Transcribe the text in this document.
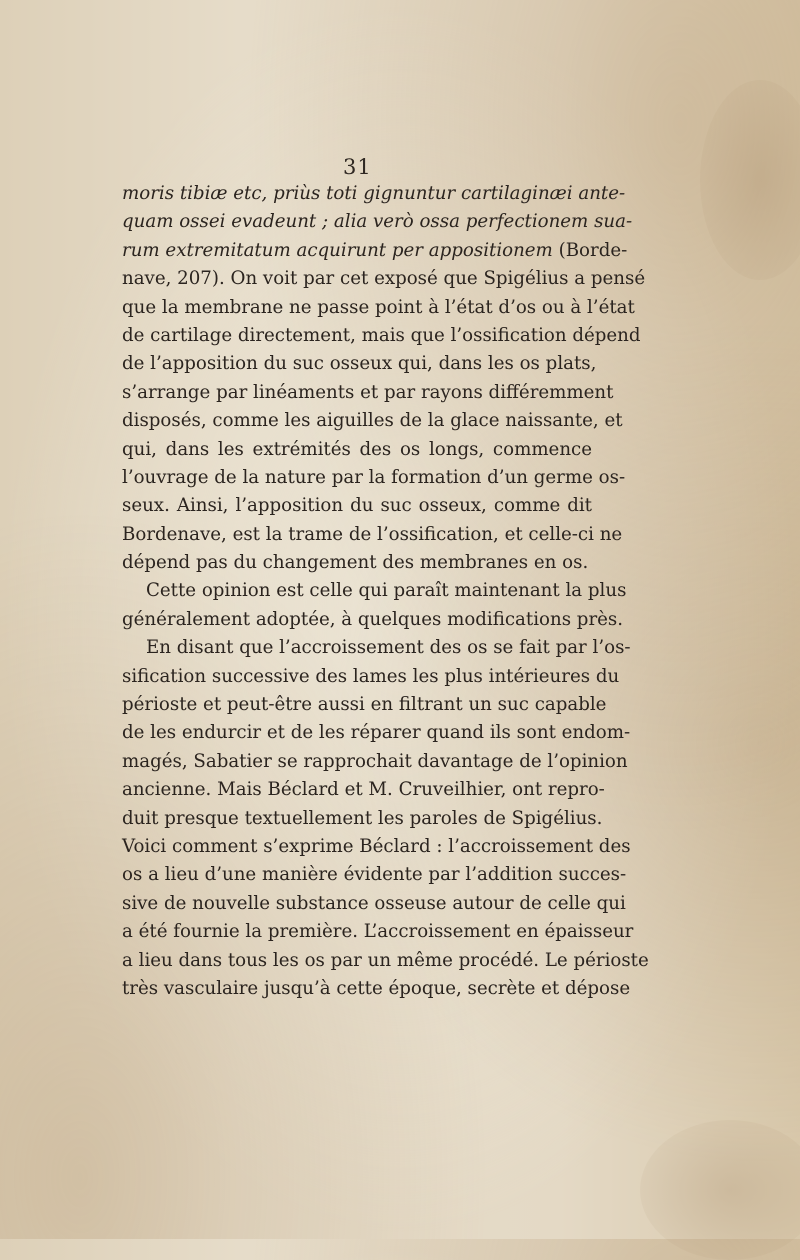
31
moris tibiæ etc, priùs toti gignuntur cartilaginæi ante-
quam ossei evadeunt ; alia verò ossa perfectionem sua-
rum extremitatum acquirunt per appositionem (Borde-
nave, 207). On voit par cet exposé que Spigélius a pensé
que la membrane ne passe point à l’état d’os ou à l’état
de cartilage directement, mais que l’ossification dépend
de l’apposition du suc osseux qui, dans les os plats,
s’arrange par linéaments et par rayons différemment
disposés, comme les aiguilles de la glace naissante, et
qui, dans les extrémités des os longs, commence
l’ouvrage de la nature par la formation d’un germe os-
seux. Ainsi, l’apposition du suc osseux, comme dit
Bordenave, est la trame de l’ossification, et celle-ci ne
dépend pas du changement des membranes en os.
Cette opinion est celle qui paraît maintenant la plus
généralement adoptée, à quelques modifications près.
En disant que l’accroissement des os se fait par l’os-
sification successive des lames les plus intérieures du
périoste et peut-être aussi en filtrant un suc capable
de les endurcir et de les réparer quand ils sont endom-
magés, Sabatier se rapprochait davantage de l’opinion
ancienne. Mais Béclard et M. Cruveilhier, ont repro-
duit presque textuellement les paroles de Spigélius.
Voici comment s’exprime Béclard : l’accroissement des
os a lieu d’une manière évidente par l’addition succes-
sive de nouvelle substance osseuse autour de celle qui
a été fournie la première. L’accroissement en épaisseur
a lieu dans tous les os par un même procédé. Le périoste
très vasculaire jusqu’à cette époque, secrète et dépose
